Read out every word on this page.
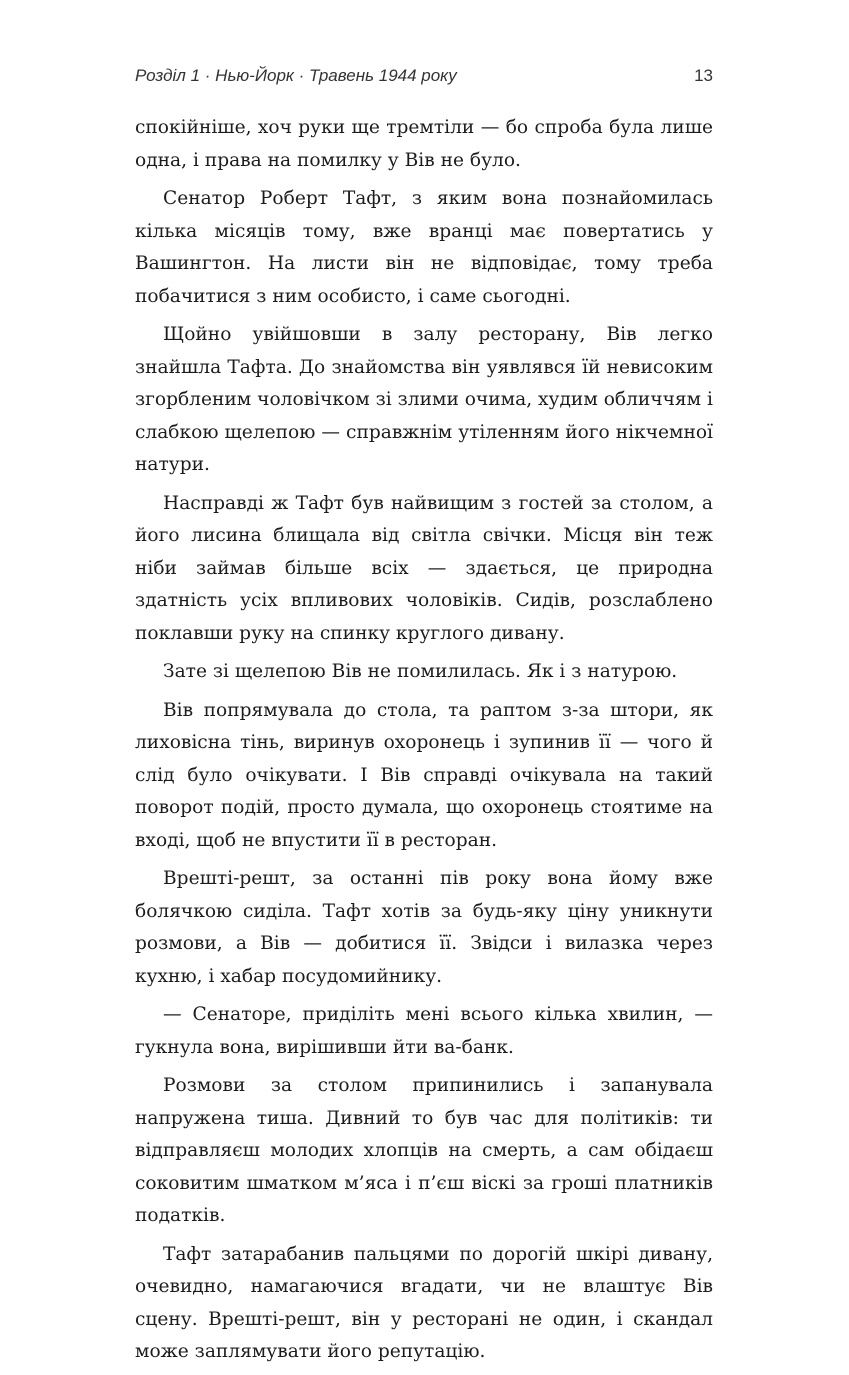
Розділ 1 · Нью-Йорк · Травень 1944 року	13

спокійніше, хоч руки ще тремтіли — бо спроба була лише одна, і права на помилку у Вів не було.

Сенатор Роберт Тафт, з яким вона познайомилась кілька місяців тому, вже вранці має повертатись у Вашингтон. На листи він не відповідає, тому треба побачитися з ним особисто, і саме сьогодні.

Щойно увійшовши в залу ресторану, Вів легко знайшла Тафта. До знайомства він уявлявся їй невисоким згорбленим чоловічком зі злими очима, худим обличчям і слабкою щелепою — справжнім утіленням його нікчемної натури.

Насправді ж Тафт був найвищим з гостей за столом, а його лисина блищала від світла свічки. Місця він теж ніби займав більше всіх — здається, це природна здатність усіх впливових чоловіків. Сидів, розслаблено поклавши руку на спинку круглого дивану.

Зате зі щелепою Вів не помилилась. Як і з натурою.

Вів попрямувала до стола, та раптом з-за штори, як лиховісна тінь, виринув охоронець і зупинив її — чого й слід було очікувати. І Вів справді очікувала на такий поворот подій, просто думала, що охоронець стоятиме на вході, щоб не впустити її в ресторан.

Врешті-решт, за останні пів року вона йому вже болячкою сиділа. Тафт хотів за будь-яку ціну уникнути розмови, а Вів — добитися її. Звідси і вилазка через кухню, і хабар посудомийнику.

— Сенаторе, приділіть мені всього кілька хвилин, — гукнула вона, вирішивши йти ва-банк.

Розмови за столом припинились і запанувала напружена тиша. Дивний то був час для політиків: ти відправляєш молодих хлопців на смерть, а сам обідаєш соковитим шматком м’яса і п’єш віскі за гроші платників податків.

Тафт затарабанив пальцями по дорогій шкірі дивану, очевидно, намагаючися вгадати, чи не влаштує Вів сцену. Врешті-решт, він у ресторані не один, і скандал може заплямувати його репутацію.
